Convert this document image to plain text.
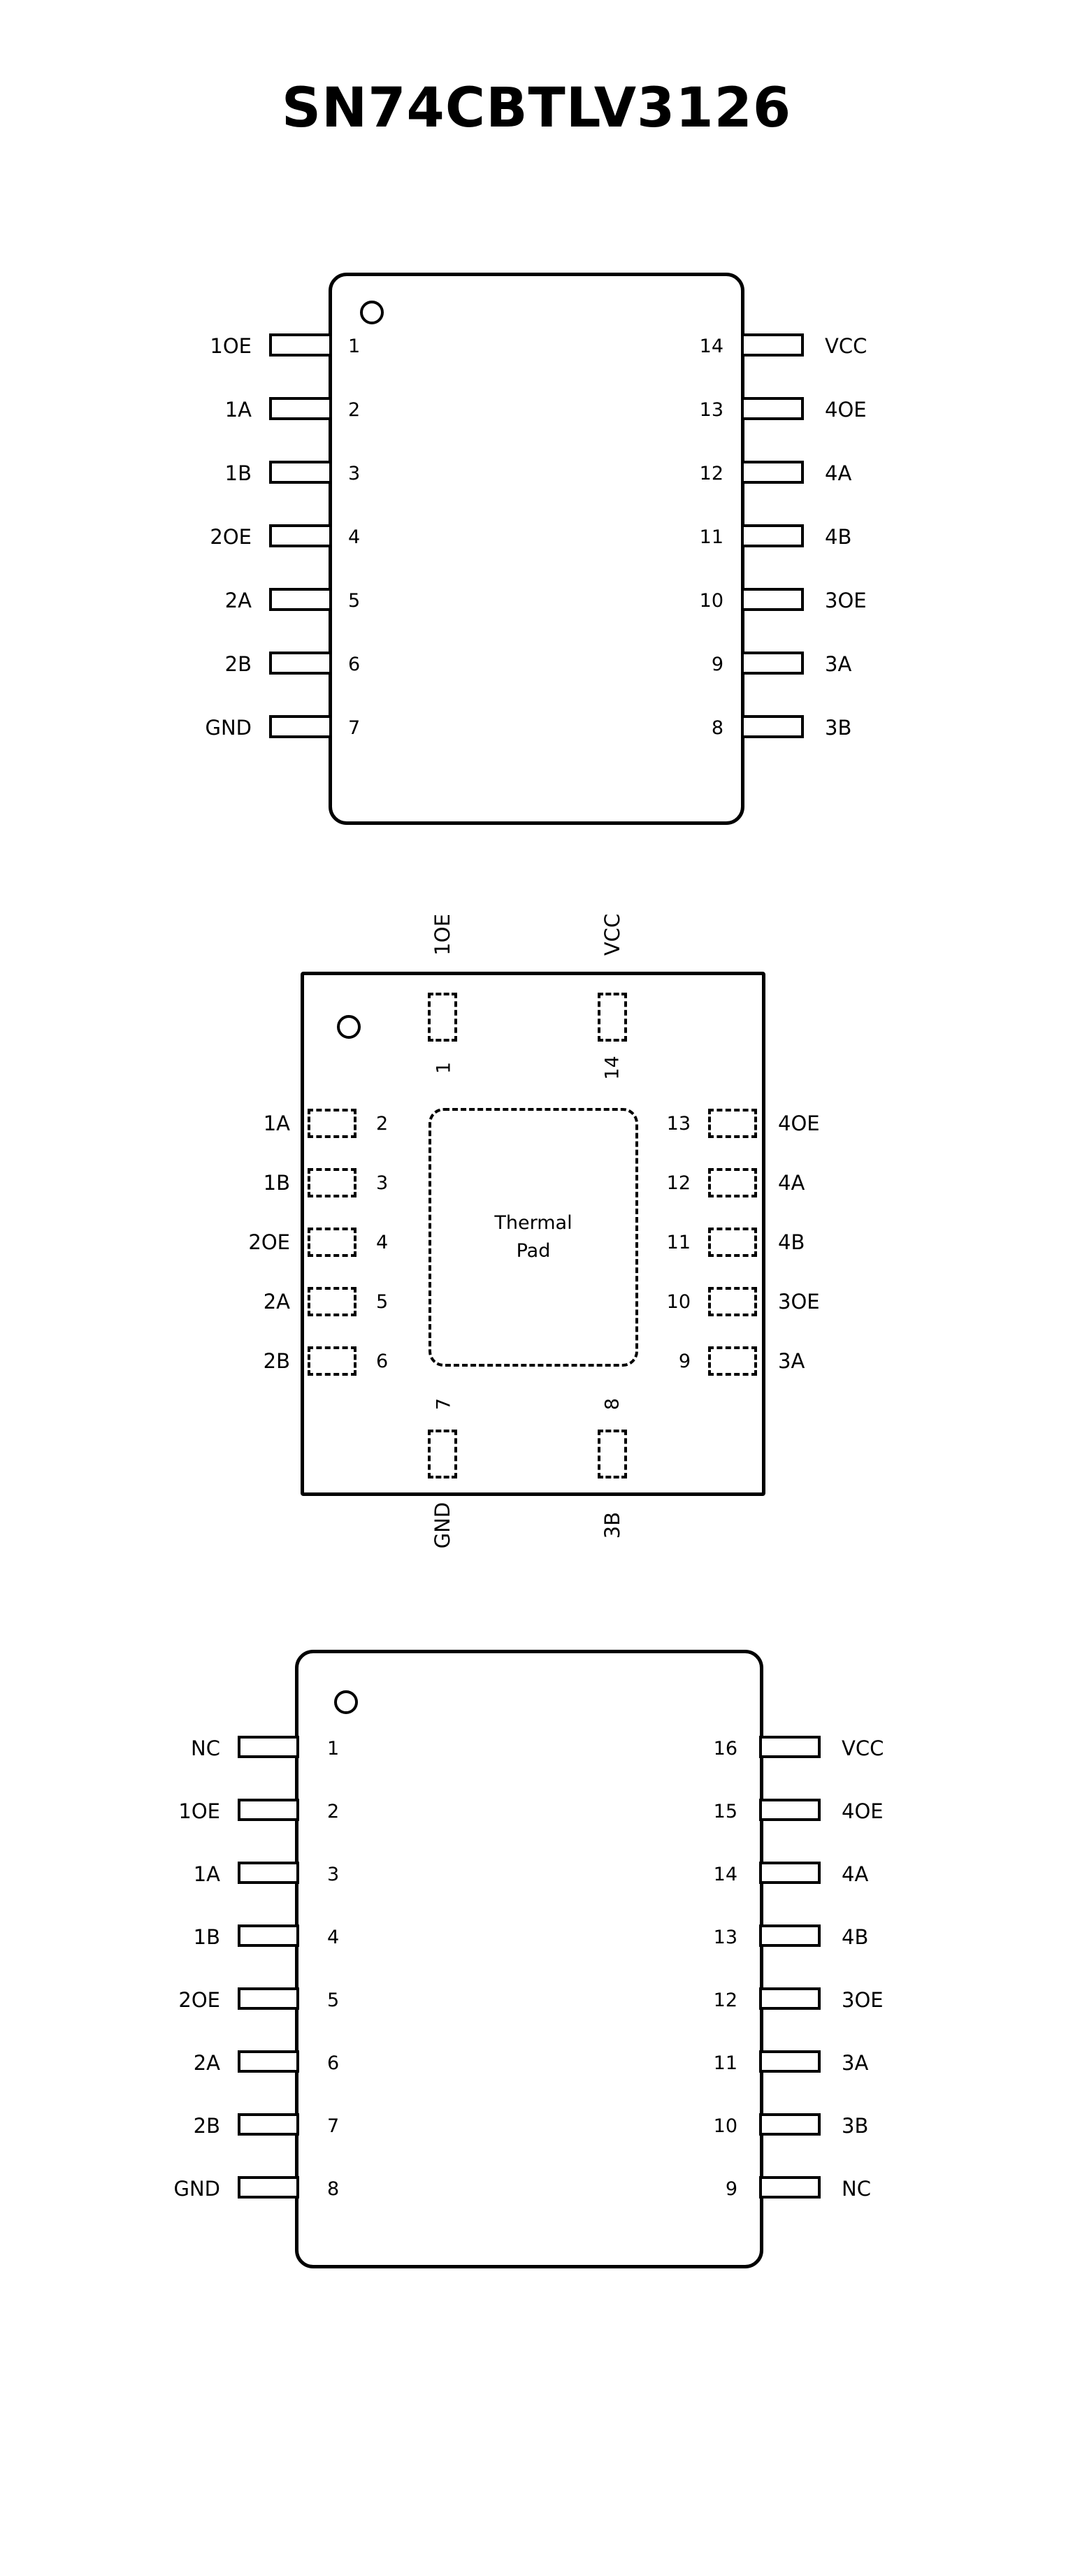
SN74CBTLV3126
1
2
3
4
5
6
7
14
13
12
11
10
9
8
1OE
1A
1B
2OE
2A
2B
GND
VCC
4OE
4A
4B
3OE
3A
3B
Thermal
Pad
1	14
1OE	VCC
7	8
GND	3B
2
3
4
5
6
13
12
11
10
9
1A
1B
2OE
2A
2B
4OE
4A
4B
3OE
3A
1
2
3
4
5
6
7
8
16
15
14
13
12
11
10
9
NC
1OE
1A
1B
2OE
2A
2B
GND
VCC
4OE
4A
4B
3OE
3A
3B
NC
